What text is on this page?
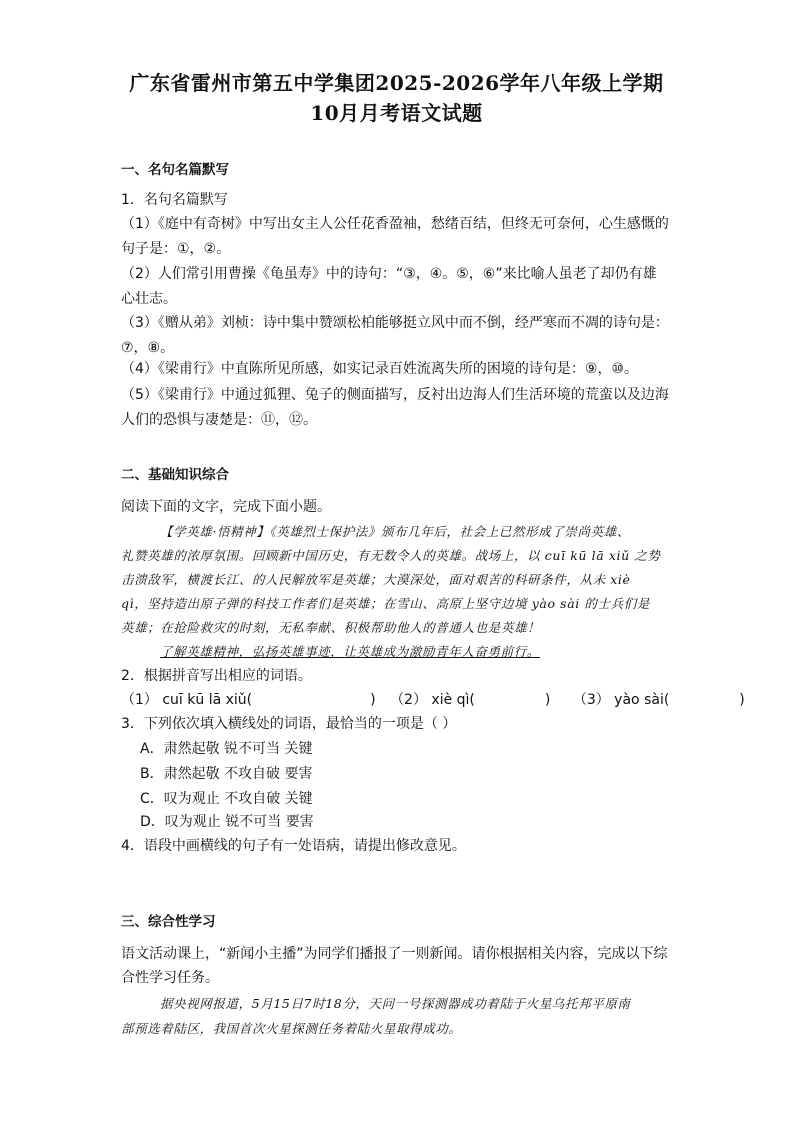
广东省雷州市第五中学集团2025-2026学年八年级上学期
10月月考语文试题
一、名句名篇默写
1．名句名篇默写
（1）《庭中有奇树》中写出女主人公任花香盈袖，愁绪百结，但终无可奈何，心生感慨的
句子是：①，②。
（2）人们常引用曹操《龟虽寿》中的诗句：“③，④。⑤，⑥”来比喻人虽老了却仍有雄
心壮志。
（3）《赠从弟》刘桢：诗中集中赞颂松柏能够挺立风中而不倒，经严寒而不凋的诗句是：
⑦，⑧。
（4）《梁甫行》中直陈所见所感，如实记录百姓流离失所的困境的诗句是：⑨，⑩。
（5）《梁甫行》中通过狐狸、兔子的侧面描写，反衬出边海人们生活环境的荒蛮以及边海
人们的恐惧与凄楚是：⑪，⑫。
二、基础知识综合
阅读下面的文字，完成下面小题。
【学英雄·悟精神】《英雄烈士保护法》颁布几年后，社会上已然形成了崇尚英雄、
礼赞英雄的浓厚氛围。回顾新中国历史，有无数令人的英雄。战场上，以 cuī kū lā xiǔ 之势
击溃敌军，横渡长江、的人民解放军是英雄；大漠深处，面对艰苦的科研条件，从未 xiè
qì，坚持造出原子弹的科技工作者们是英雄；在雪山、高原上坚守边境 yào sài 的士兵们是
英雄；在抢险救灾的时刻，无私奉献、积极帮助他人的普通人也是英雄！
了解英雄精神，弘扬英雄事迹，让英雄成为激励青年人奋勇前行。
2．根据拼音写出相应的词语。
（1） cuī kū lā xiǔ(	) （2） xiè qì(	) （3） yào sài(	)
3．下列依次填入横线处的词语，最恰当的一项是（ ）
A．肃然起敬 锐不可当 关键
B．肃然起敬 不攻自破 要害
C．叹为观止 不攻自破 关键
D．叹为观止 锐不可当 要害
4．语段中画横线的句子有一处语病，请提出修改意见。
三、综合性学习
语文活动课上，“新闻小主播”为同学们播报了一则新闻。请你根据相关内容，完成以下综
合性学习任务。
据央视网报道，5月15日7时18分，天问一号探测器成功着陆于火星乌托邦平原南
部预选着陆区，我国首次火星探测任务着陆火星取得成功。
